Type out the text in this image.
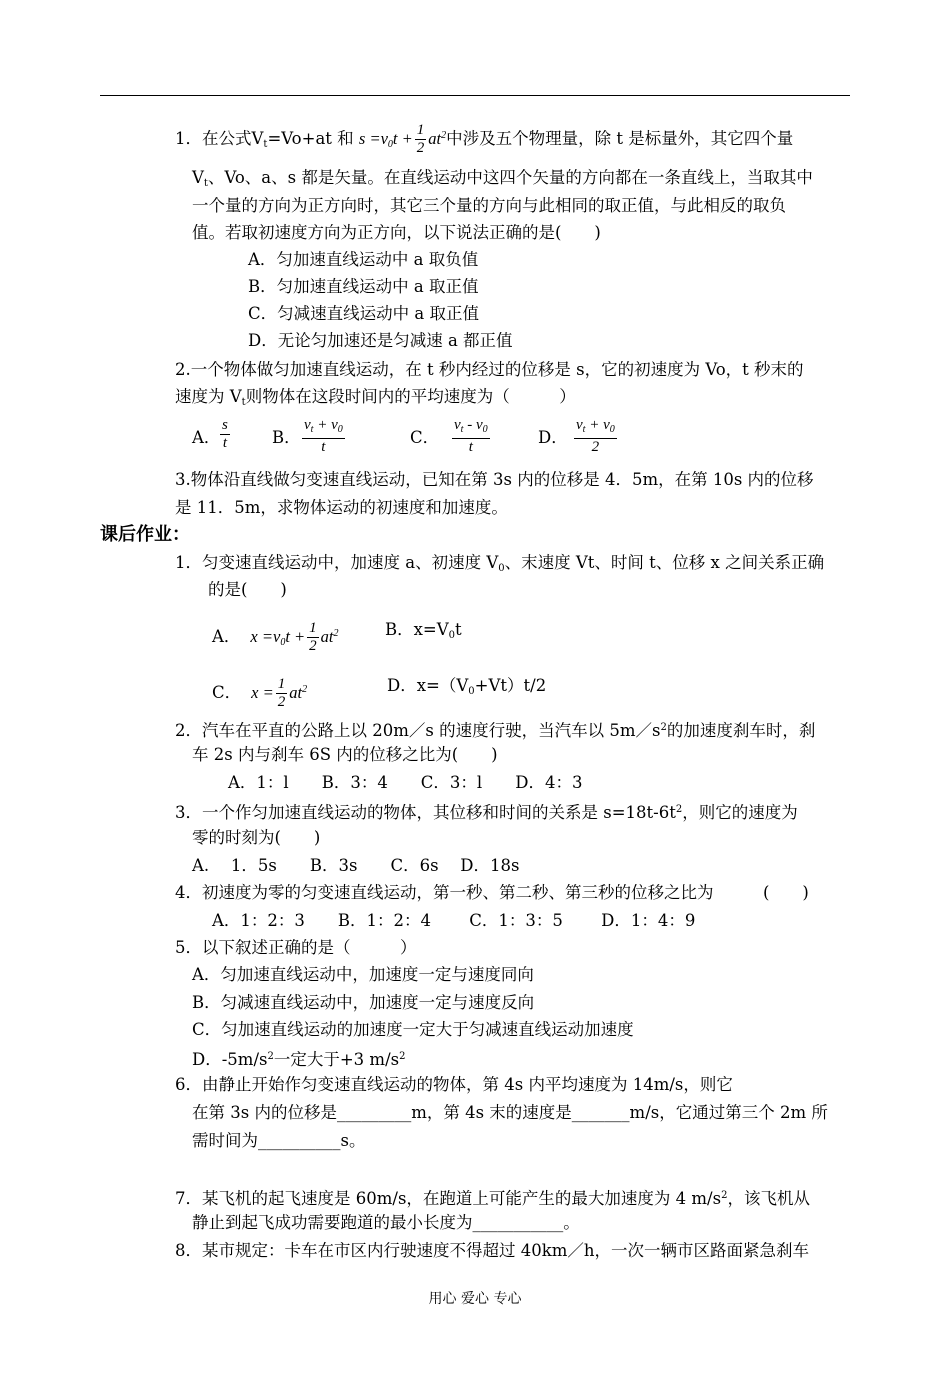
1．在公式$V_t=Vo+at$ 和 $s =v_0t + \frac{1}{2} at^2$中涉及五个物理量，除 t 是标量外，其它四个量
$V_t$、Vo、a、s 都是矢量。在直线运动中这四个矢量的方向都在一条直线上，当取其中
一个量的方向为正方向时，其它三个量的方向与此相同的取正值，与此相反的取负
值。若取初速度方向为正方向，以下说法正确的是(　　)
A．匀加速直线运动中 a 取负值
B．匀加速直线运动中 a 取正值
C．匀减速直线运动中 a 取正值
D．无论匀加速还是匀减速 a 都正值
2.一个物体做匀加速直线运动，在 t 秒内经过的位移是 s，它的初速度为 Vo，t 秒末的
速度为 $V_t$则物体在这段时间内的平均速度为（　　　）
A． $\frac{s}{t}$	B． $\frac{v_t + v_0}{t}$	C． $\frac{v_t - v_0}{t}$	D． $\frac{v_t + v_0}{2}$
3.物体沿直线做匀变速直线运动，已知在第 3s 内的位移是 4．5m，在第 10s 内的位移
是 11．5m，求物体运动的初速度和加速度。
课后作业：
1．匀变速直线运动中，加速度 a、初速度 $V_0$、末速度 Vt、时间 t、位移 x 之间关系正确
的是(　　)
A． $x =v_0t + \frac{1}{2} at^2$	B．$x=V_0t$
C． $x = \frac{1}{2} at^2$	D．$x=(V_0+Vt)t/2$
2．汽车在平直的公路上以 20m／s 的速度行驶，当汽车以 $5m/s^2$的加速度刹车时，刹
车 2s 内与刹车 6S 内的位移之比为(　　)
A．1：l　　B．3：4　　C．3：l　　D．4：3
3．一个作匀加速直线运动的物体，其位移和时间的关系是 $s=18t-6t^2$，则它的速度为
零的时刻为(　　)
A.　 1．5s　　B．3s　　C．6s　 D．18s
4．初速度为零的匀变速直线运动，第一秒、第二秒、第三秒的位移之比为　　　(　　)
A．1：2：3　　B．1：2：4　　 C．1：3：5　　 D．1：4：9
5．以下叙述正确的是（　　　）
A．匀加速直线运动中，加速度一定与速度同向
B．匀减速直线运动中，加速度一定与速度反向
C．匀加速直线运动的加速度一定大于匀减速直线运动加速度
D．$-5m/s^2$一定大于+3 $m/s^2$
6．由静止开始作匀变速直线运动的物体，第 4s 内平均速度为 14m/s，则它
在第 3s 内的位移是_________m，第 4s 末的速度是_______m/s，它通过第三个 2m 所
需时间为__________s。
7．某飞机的起飞速度是 60m/s，在跑道上可能产生的最大加速度为 4 $m/s^2$，该飞机从
静止到起飞成功需要跑道的最小长度为___________。
8．某市规定：卡车在市区内行驶速度不得超过 40km／h，一次一辆市区路面紧急刹车
用心 爱心 专心
